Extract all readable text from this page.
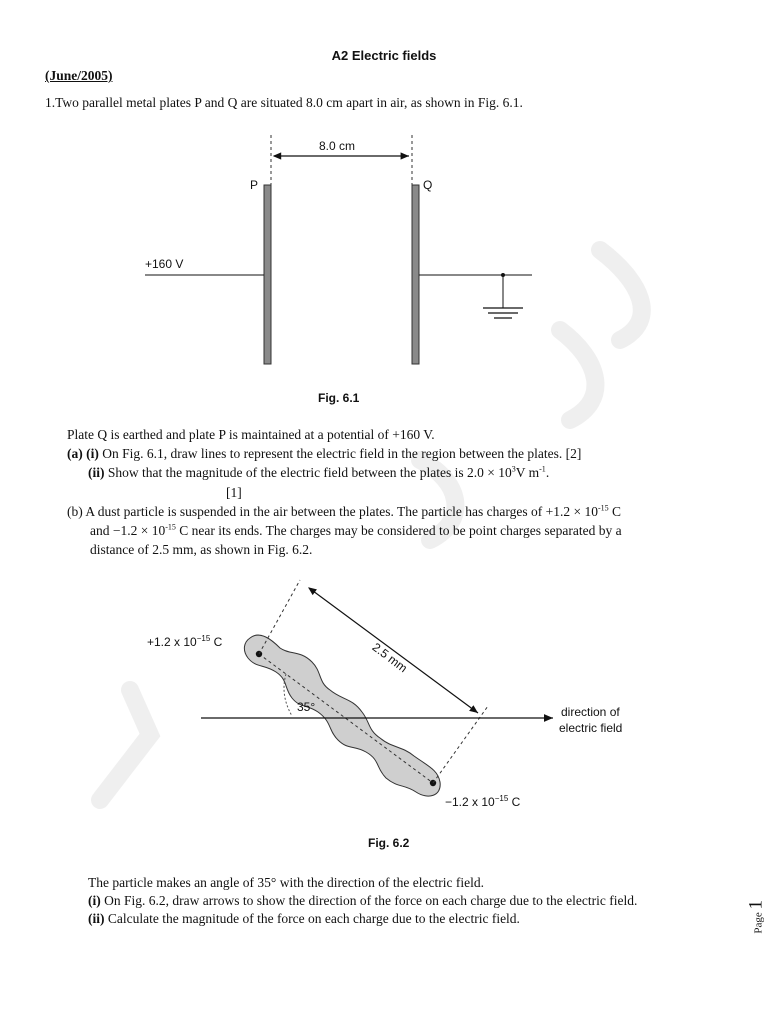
A2 Electric fields
(June/2005)
1.Two parallel metal plates P and Q are situated 8.0 cm apart in air, as shown in Fig. 6.1.
8.0 cm
P	Q
+160 V
Fig. 6.1
Plate Q is earthed and plate P is maintained at a potential of +160 V.
(a) (i) On Fig. 6.1, draw lines to represent the electric field in the region between the plates. [2]
(ii) Show that the magnitude of the electric field between the plates is $2.0 \times 10^3V$ $m^{-1}$.
[1]
(b) A dust particle is suspended in the air between the plates. The particle has charges of $+1.2 \times 10^{-15}$ C
and $-1.2 \times 10^{-15}$ C near its ends. The charges may be considered to be point charges separated by a
distance of 2.5 mm, as shown in Fig. 6.2.
+1.2 x $10^{-15}$ C	2.5 mm
35°	direction of
electric field
−1.2 x $10^{-15}$ C
Fig. 6.2
The particle makes an angle of 35° with the direction of the electric field.
(i) On Fig. 6.2, draw arrows to show the direction of the force on each charge due to the electric field.
(ii) Calculate the magnitude of the force on each charge due to the electric field.	Page 1
